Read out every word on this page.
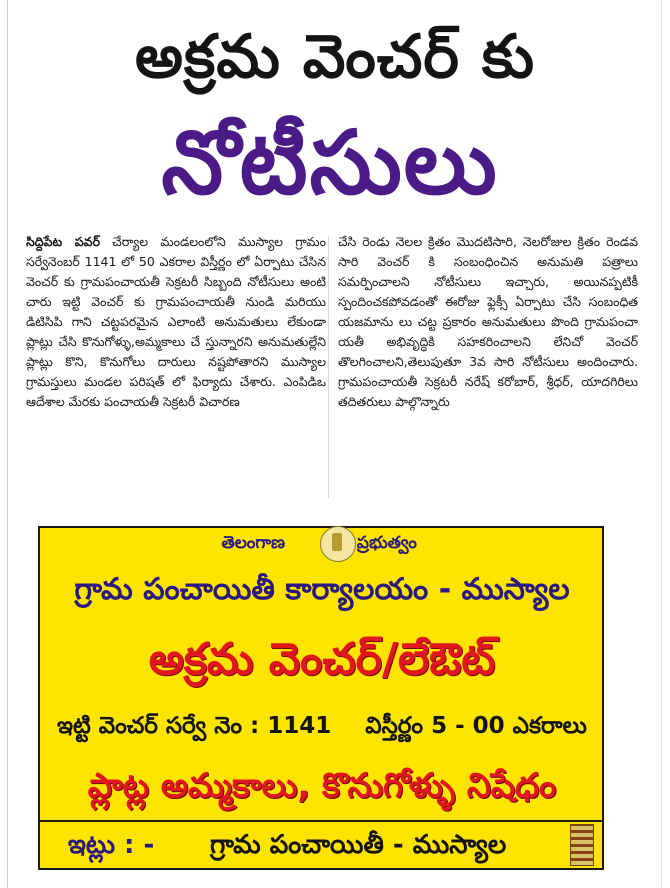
అక్రమ వెంచర్ కు
నోటీసులు
సిద్దిపేట పవర్ చేర్యాల మండలంలోని ముస్యాల గ్రామం సర్వేనెంబర్ 1141 లో 50 ఎకరాల విస్తీర్ణం లో ఏర్పాటు చేసిన వెంచర్ కు గ్రామపంచాయతీ సెక్రటరీ సిబ్బంది నోటీసులు అంటి చారు ఇట్టి వెంచర్ కు గ్రామపంచాయతీ నుండి మరియు డిటిసిపి గాని చట్టపరమైన ఎలాంటి అనుమతులు లేకుండా ప్లాట్లు చేసి కొనుగోళ్ళు,అమ్మకాలు చే స్తున్నారని అనుమతుల్లేని ప్లాట్లు కొని, కొనుగోలు దారులు నష్టపోతారని ముస్యాల గ్రామస్తులు మండల పరిషత్ లో ఫిర్యాదు చేశారు. ఎంపిడిఒ ఆదేశాల మేరకు పంచాయతీ సెక్రటరీ విచారణ
చేసి రెండు నెలల క్రితం మొదటిసారి, నెలరోజుల క్రితం రెండవ సారి వెంచర్ కి సంబంధించిన అనుమతి పత్రాలు సమర్పించాలని నోటీసులు ఇచ్చారు, అయినప్పటికీ స్పందించకపోవడంతో ఈరోజు ఫ్లెక్సీ ఏర్పాటు చేసి సంబంధిత యజమాను లు చట్ట ప్రకారం అనుమతులు పొంది గ్రామపంచా యతీ అభివృద్ధికి సహకరించాలని లేనిచో వెంచర్ తొలగించాలని,తెలుపుతూ 3వ సారి నోటీసులు అందించారు. గ్రామపంచాయతీ సెక్రటరీ నరేష్ కరోబార్, శ్రీధర్, యాదగిరిలు తదితరులు పాల్గొన్నారు
తెలంగాణ	ప్రభుత్వం
గ్రామ పంచాయితీ కార్యాలయం - ముస్యాల
అక్రమ వెంచర్/లేఔట్
ఇట్టి వెంచర్ సర్వే నెం : 1141 విస్తీర్ణం 5 - 00 ఎకరాలు
ప్లాట్ల అమ్మకాలు, కొనుగోళ్ళు నిషేధం
ఇట్లు : - గ్రామ పంచాయితీ - ముస్యాల
